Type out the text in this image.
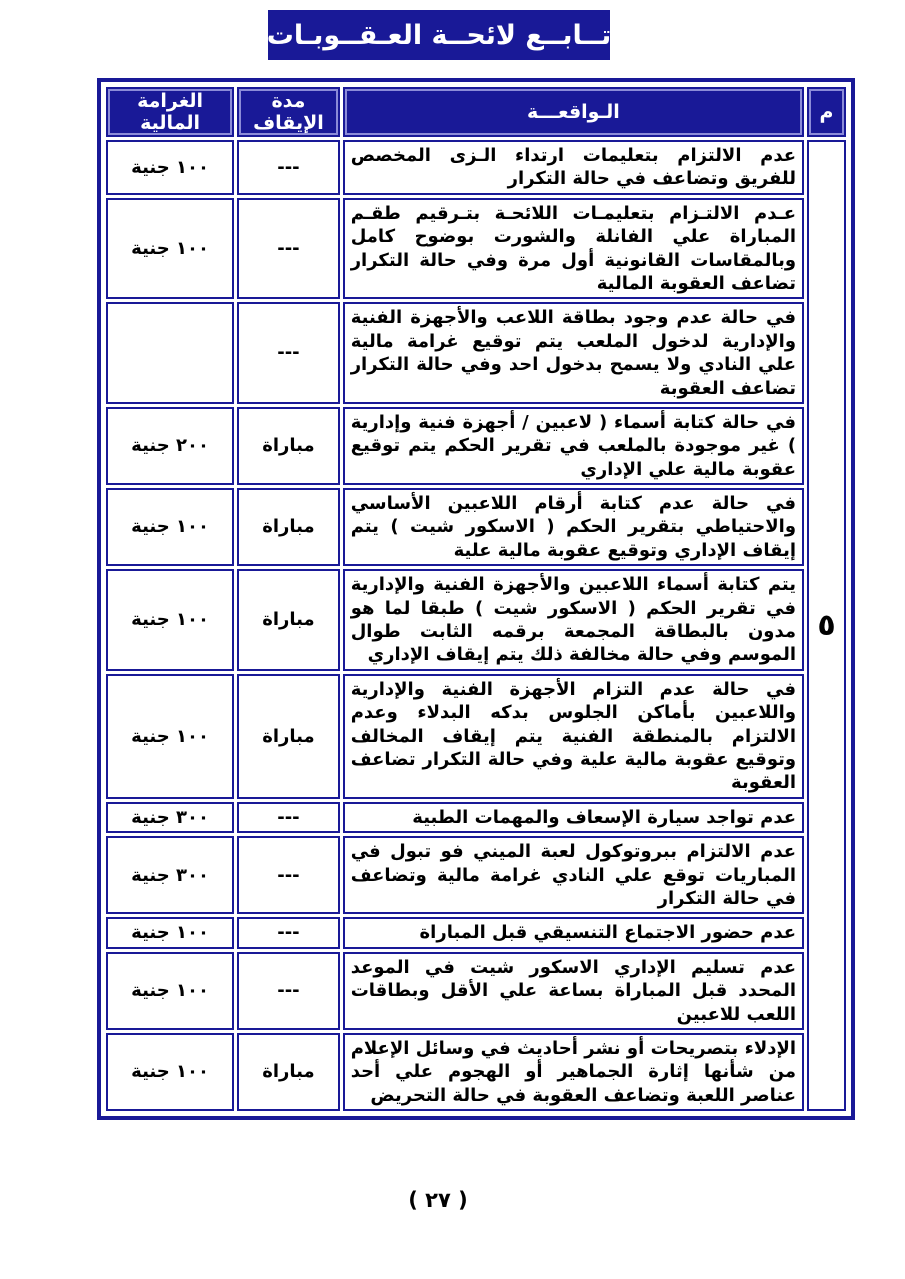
تــابــع لائحــة العـقــوبـات
م	الـواقعـــة	مدة الإيقاف	الغرامة المالية
٥	عدم الالتزام بتعليمات ارتداء الـزى المخصص للفريق وتضاعف في حالة التكرار	---	١٠٠ جنية
	عـدم الالتـزام بتعليمـات اللائحـة بتـرقيم طقـم المباراة علي الفانلة والشورت بوضوح كامل وبالمقاسات القانونية أول مرة وفي حالة التكرار تضاعف العقوبة المالية	---	١٠٠ جنية
	في حالة عدم وجود بطاقة اللاعب والأجهزة الفنية والإدارية لدخول الملعب يتم توقيع غرامة مالية علي النادي ولا يسمح بدخول احد وفي حالة التكرار تضاعف العقوبة	---	
	في حالة كتابة أسماء ( لاعبين / أجهزة فنية وإدارية ) غير موجودة بالملعب في تقرير الحكم يتم توقيع عقوبة مالية علي الإداري	مباراة	٢٠٠ جنية
	في حالة عدم كتابة أرقام اللاعبين الأساسي والاحتياطي بتقرير الحكم ( الاسكور شيت ) يتم إيقاف الإداري وتوقيع عقوبة مالية علية	مباراة	١٠٠ جنية
	يتم كتابة أسماء اللاعبين والأجهزة الفنية والإدارية في تقرير الحكم ( الاسكور شيت ) طبقا لما هو مدون بالبطاقة المجمعة برقمه الثابت طوال الموسم وفي حالة مخالفة ذلك يتم إيقاف الإداري	مباراة	١٠٠ جنية
	في حالة عدم التزام الأجهزة الفنية والإدارية واللاعبين بأماكن الجلوس بدكه البدلاء وعدم الالتزام بالمنطقة الفنية يتم إيقاف المخالف وتوقيع عقوبة مالية علية وفي حالة التكرار تضاعف العقوبة	مباراة	١٠٠ جنية
	عدم تواجد سيارة الإسعاف والمهمات الطبية	---	٣٠٠ جنية
	عدم الالتزام ببروتوكول لعبة الميني فو تبول في المباريات توقع علي النادي غرامة مالية وتضاعف في حالة التكرار	---	٣٠٠ جنية
	عدم حضور الاجتماع التنسيقي قبل المباراة	---	١٠٠ جنية
	عدم تسليم الإداري الاسكور شيت في الموعد المحدد قبل المباراة بساعة علي الأقل وبطاقات اللعب للاعبين	---	١٠٠ جنية
	الإدلاء بتصريحات أو نشر أحاديث في وسائل الإعلام من شأنها إثارة الجماهير أو الهجوم علي أحد عناصر اللعبة وتضاعف العقوبة في حالة التحريض	مباراة	١٠٠ جنية
( ٢٧ )
